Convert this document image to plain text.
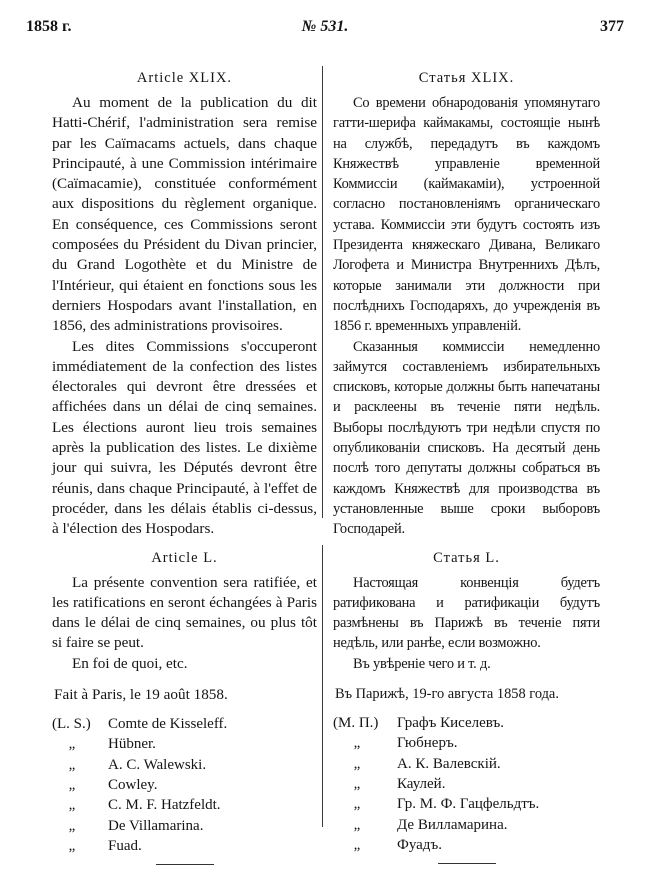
1858 г.	№ 531.	377
Article XLIX.

Au moment de la publication du dit Hatti-Chérif, l'administration sera remise par les Caïmacams actuels, dans chaque Principauté, à une Commission intérimaire (Caïmacamie), constituée conformément aux dispositions du règlement organique. En conséquence, ces Commissions seront composées du Président du Divan princier, du Grand Logothète et du Ministre de l'Intérieur, qui étaient en fonctions sous les derniers Hospodars avant l'installation, en 1856, des administrations provisoires.

Les dites Commissions s'occuperont immédiatement de la confection des listes électorales qui devront être dressées et affichées dans un délai de cinq semaines. Les élections auront lieu trois semaines après la publication des listes. Le dixième jour qui suivra, les Députés devront être réunis, dans chaque Principauté, à l'effet de procéder, dans les délais établis ci-dessus, à l'élection des Hospodars.

Article L.

La présente convention sera ratifiée, et les ratifications en seront échangées à Paris dans le délai de cinq semaines, ou plus tôt si faire se peut.

En foi de quoi, etc.

Fait à Paris, le 19 août 1858.
(L. S.)	Comte de Kisseleff.
„	Hübner.
„	A. C. Walewski.
„	Cowley.
„	C. M. F. Hatzfeldt.
„	De Villamarina.
„	Fuad.
Статья XLIX.

Со времени обнародованія упомянутаго гатти-шерифа каймакамы, состоящіе нынѣ на службѣ, передадутъ въ каждомъ Княжествѣ управленіе временной Коммиссіи (каймакаміи), устроенной согласно постановленіямъ органическаго устава. Коммиссіи эти будутъ состоять изъ Президента княжескаго Дивана, Великаго Логофета и Министра Внутреннихъ Дѣлъ, которые занимали эти должности при послѣднихъ Господаряхъ, до учрежденія въ 1856 г. временныхъ управленій.

Сказанныя коммиссіи немедленно займутся составленіемъ избирательныхъ списковъ, которые должны быть напечатаны и расклеены въ теченіе пяти недѣль. Выборы послѣдуютъ три недѣли спустя по опубликованіи списковъ. На десятый день послѣ того депутаты должны собраться въ каждомъ Княжествѣ для производства въ установленные выше сроки выборовъ Господарей.

Статья L.

Настоящая конвенція будетъ ратификована и ратификаціи будутъ размѣнены въ Парижѣ въ теченіе пяти недѣль, или ранѣе, если возможно.

Въ увѣреніе чего и т. д.

Въ Парижѣ, 19-го августа 1858 года.
(М. П.)	Графъ Киселевъ.
„	Гюбнеръ.
„	А. К. Валевскій.
„	Каулей.
„	Гр. М. Ф. Гацфельдтъ.
„	Де Вилламарина.
„	Фуадъ.
